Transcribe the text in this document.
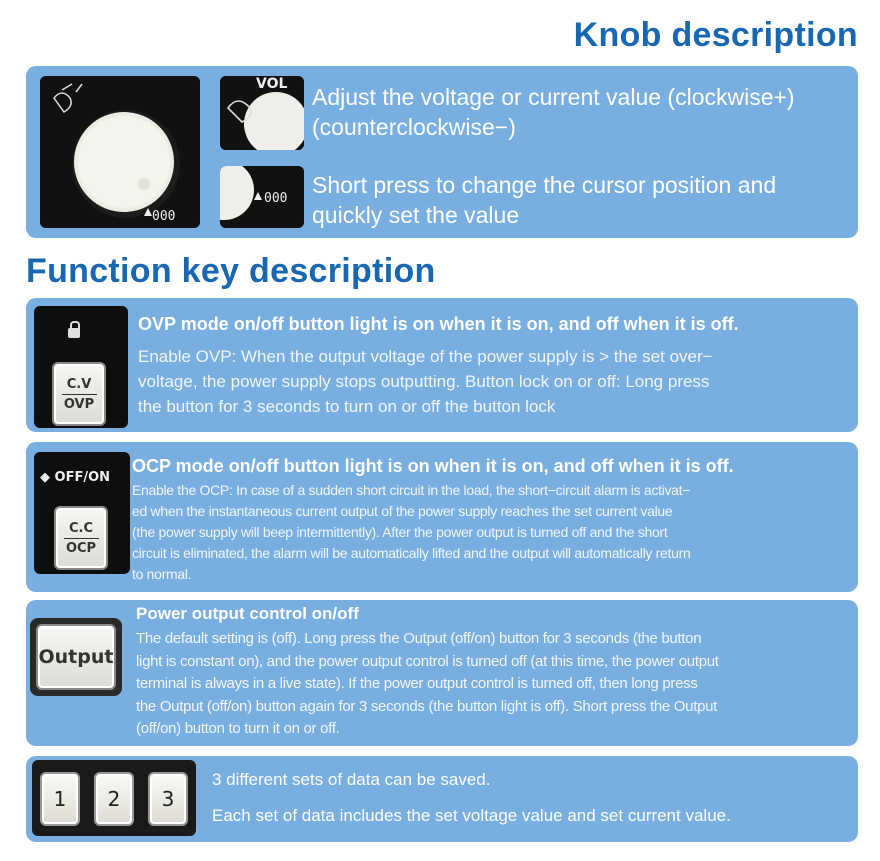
Knob description
000
VOL Adjust the voltage or current value (clockwise+)
(counterclockwise−)
000
Short press to change the cursor position and
quickly set the value
Function key description
C.V
OVP
OVP mode on/off button light is on when it is on, and off when it is off.
Enable OVP: When the output voltage of the power supply is > the set over−
voltage, the power supply stops outputting. Button lock on or off: Long press
the button for 3 seconds to turn on or off the button lock
◆ OFF/ON
C.C
OCP
OCP mode on/off button light is on when it is on, and off when it is off.
Enable the OCP: In case of a sudden short circuit in the load, the short−circuit alarm is activat−
ed when the instantaneous current output of the power supply reaches the set current value
(the power supply will beep intermittently). After the power output is turned off and the short
circuit is eliminated, the alarm will be automatically lifted and the output will automatically return
to normal.
Output
Power output control on/off
The default setting is (off). Long press the Output (off/on) button for 3 seconds (the button
light is constant on), and the power output control is turned off (at this time, the power output
terminal is always in a live state). If the power output control is turned off, then long press
the Output (off/on) button again for 3 seconds (the button light is off). Short press the Output
(off/on) button to turn it on or off.
1 2 3
3 different sets of data can be saved.
Each set of data includes the set voltage value and set current value.
